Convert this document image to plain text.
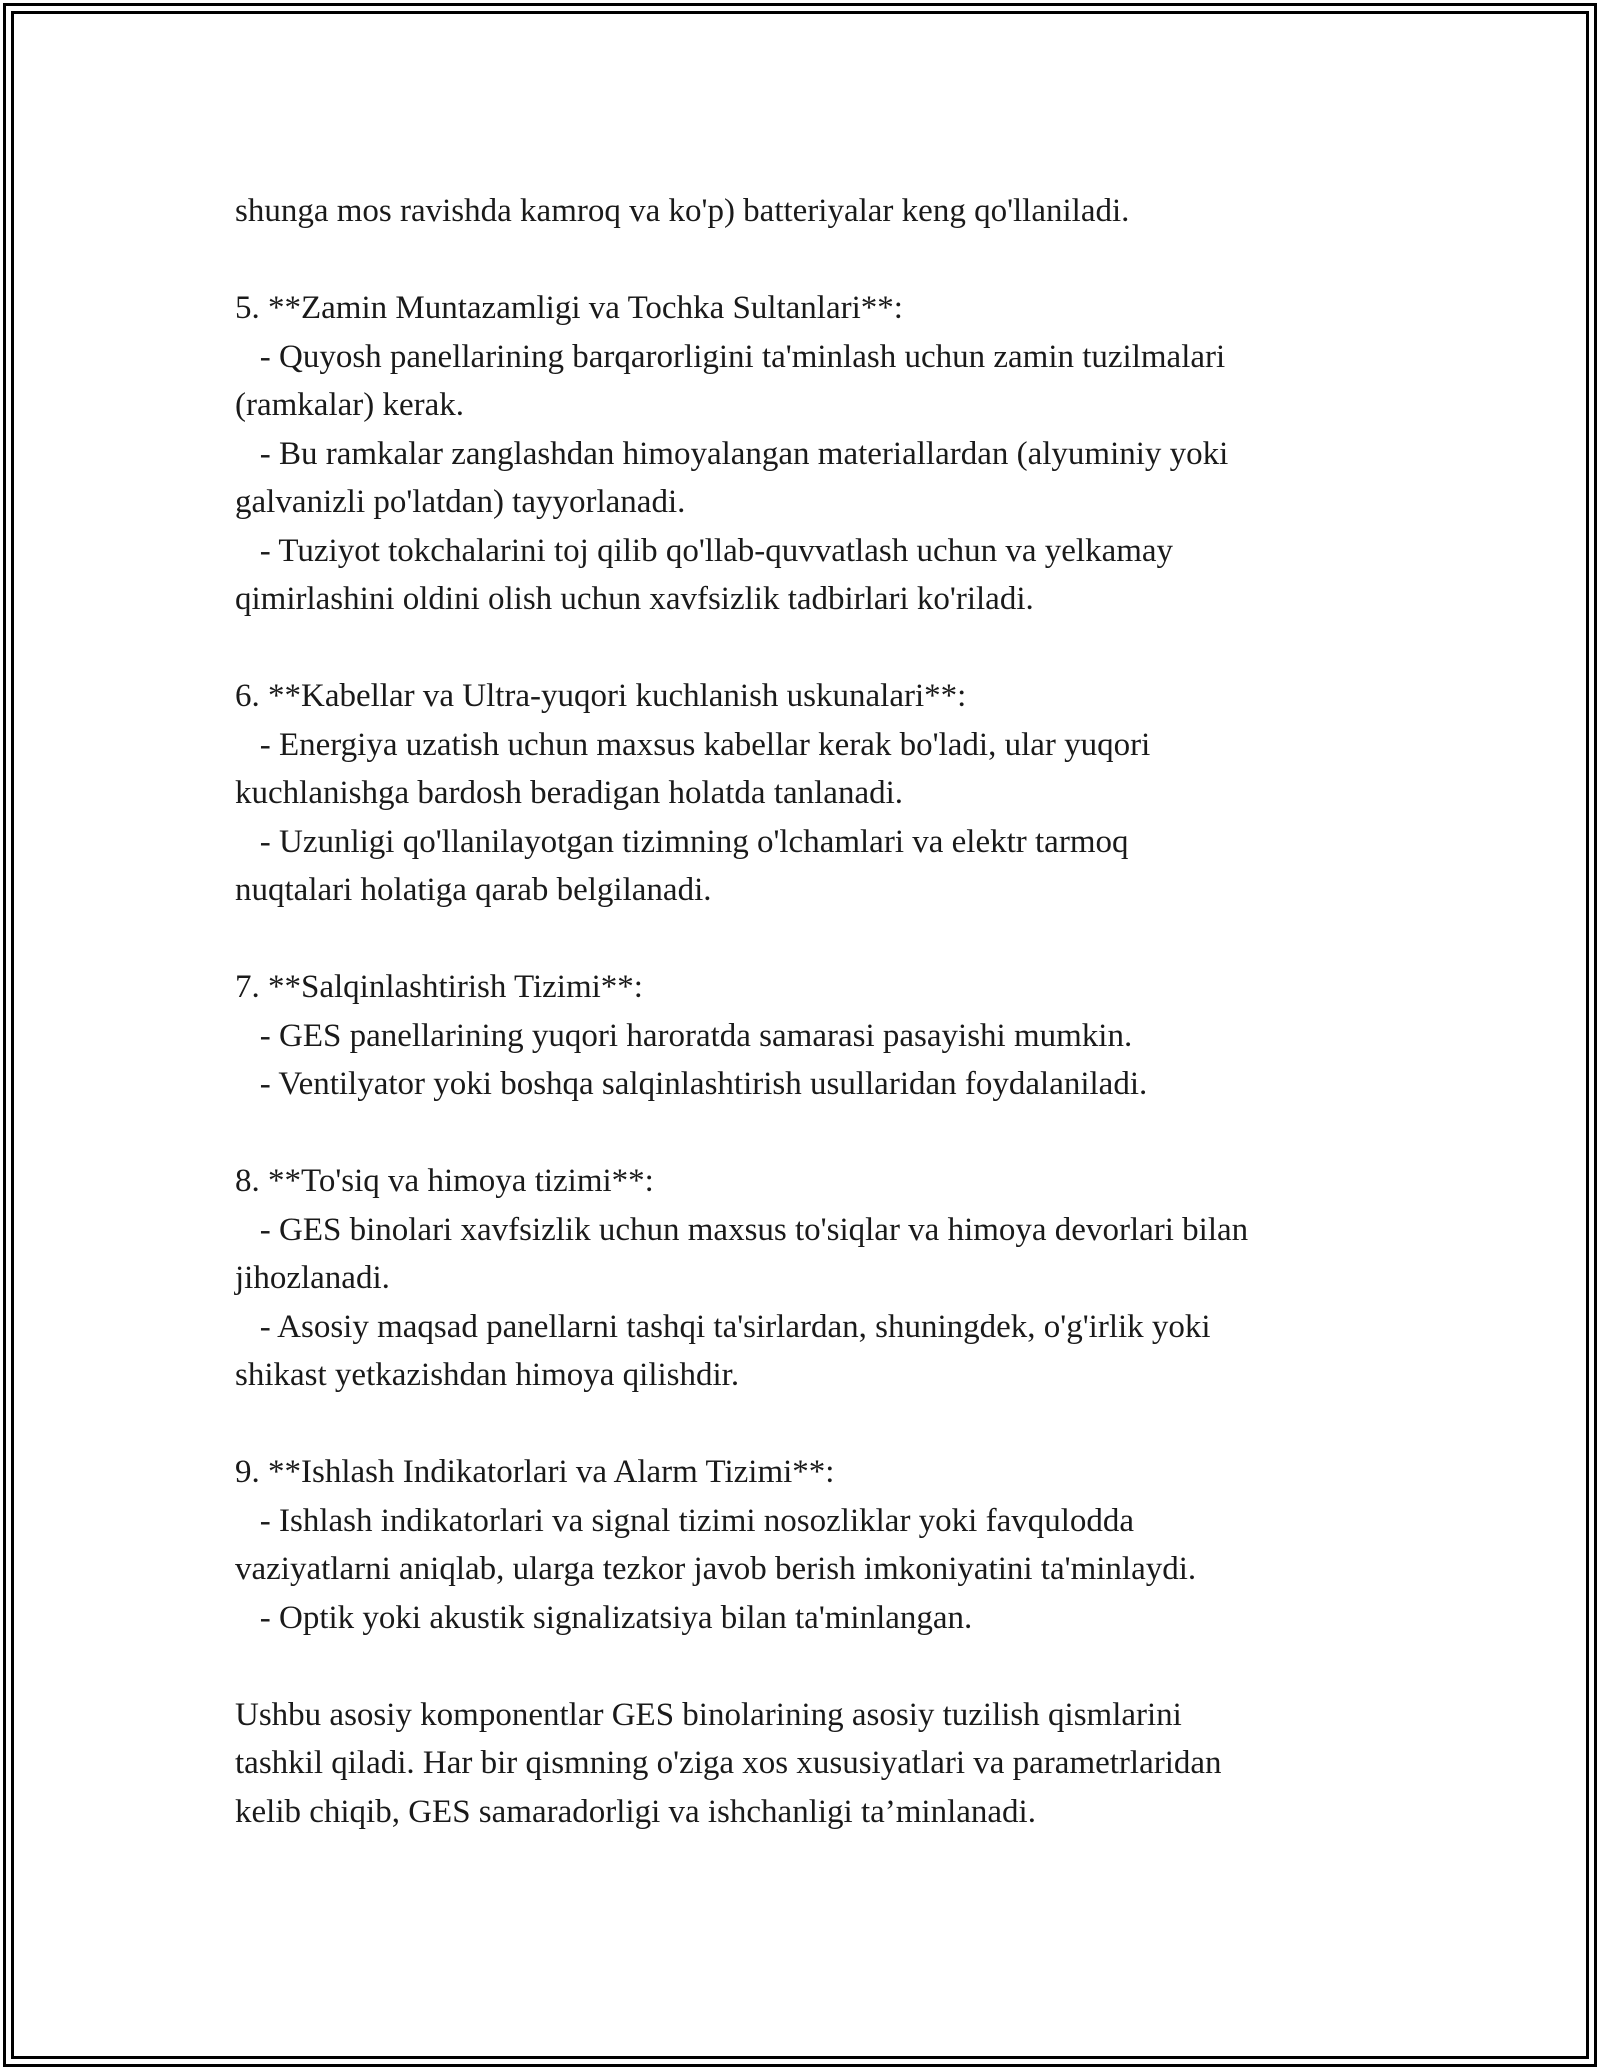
shunga mos ravishda kamroq va ko'p) batteriyalar keng qo'llaniladi.
5. **Zamin Muntazamligi va Tochka Sultanlari**:
- Quyosh panellarining barqarorligini ta'minlash uchun zamin tuzilmalari
(ramkalar) kerak.
- Bu ramkalar zanglashdan himoyalangan materiallardan (alyuminiy yoki
galvanizli po'latdan) tayyorlanadi.
- Tuziyot tokchalarini toj qilib qo'llab-quvvatlash uchun va yelkamay
qimirlashini oldini olish uchun xavfsizlik tadbirlari ko'riladi.
6. **Kabellar va Ultra-yuqori kuchlanish uskunalari**:
- Energiya uzatish uchun maxsus kabellar kerak bo'ladi, ular yuqori
kuchlanishga bardosh beradigan holatda tanlanadi.
- Uzunligi qo'llanilayotgan tizimning o'lchamlari va elektr tarmoq
nuqtalari holatiga qarab belgilanadi.
7. **Salqinlashtirish Tizimi**:
- GES panellarining yuqori haroratda samarasi pasayishi mumkin.
- Ventilyator yoki boshqa salqinlashtirish usullaridan foydalaniladi.
8. **To'siq va himoya tizimi**:
- GES binolari xavfsizlik uchun maxsus to'siqlar va himoya devorlari bilan
jihozlanadi.
- Asosiy maqsad panellarni tashqi ta'sirlardan, shuningdek, o'g'irlik yoki
shikast yetkazishdan himoya qilishdir.
9. **Ishlash Indikatorlari va Alarm Tizimi**:
- Ishlash indikatorlari va signal tizimi nosozliklar yoki favqulodda
vaziyatlarni aniqlab, ularga tezkor javob berish imkoniyatini ta'minlaydi.
- Optik yoki akustik signalizatsiya bilan ta'minlangan.
Ushbu asosiy komponentlar GES binolarining asosiy tuzilish qismlarini
tashkil qiladi. Har bir qismning o'ziga xos xususiyatlari va parametrlaridan
kelib chiqib, GES samaradorligi va ishchanligi ta’minlanadi.
